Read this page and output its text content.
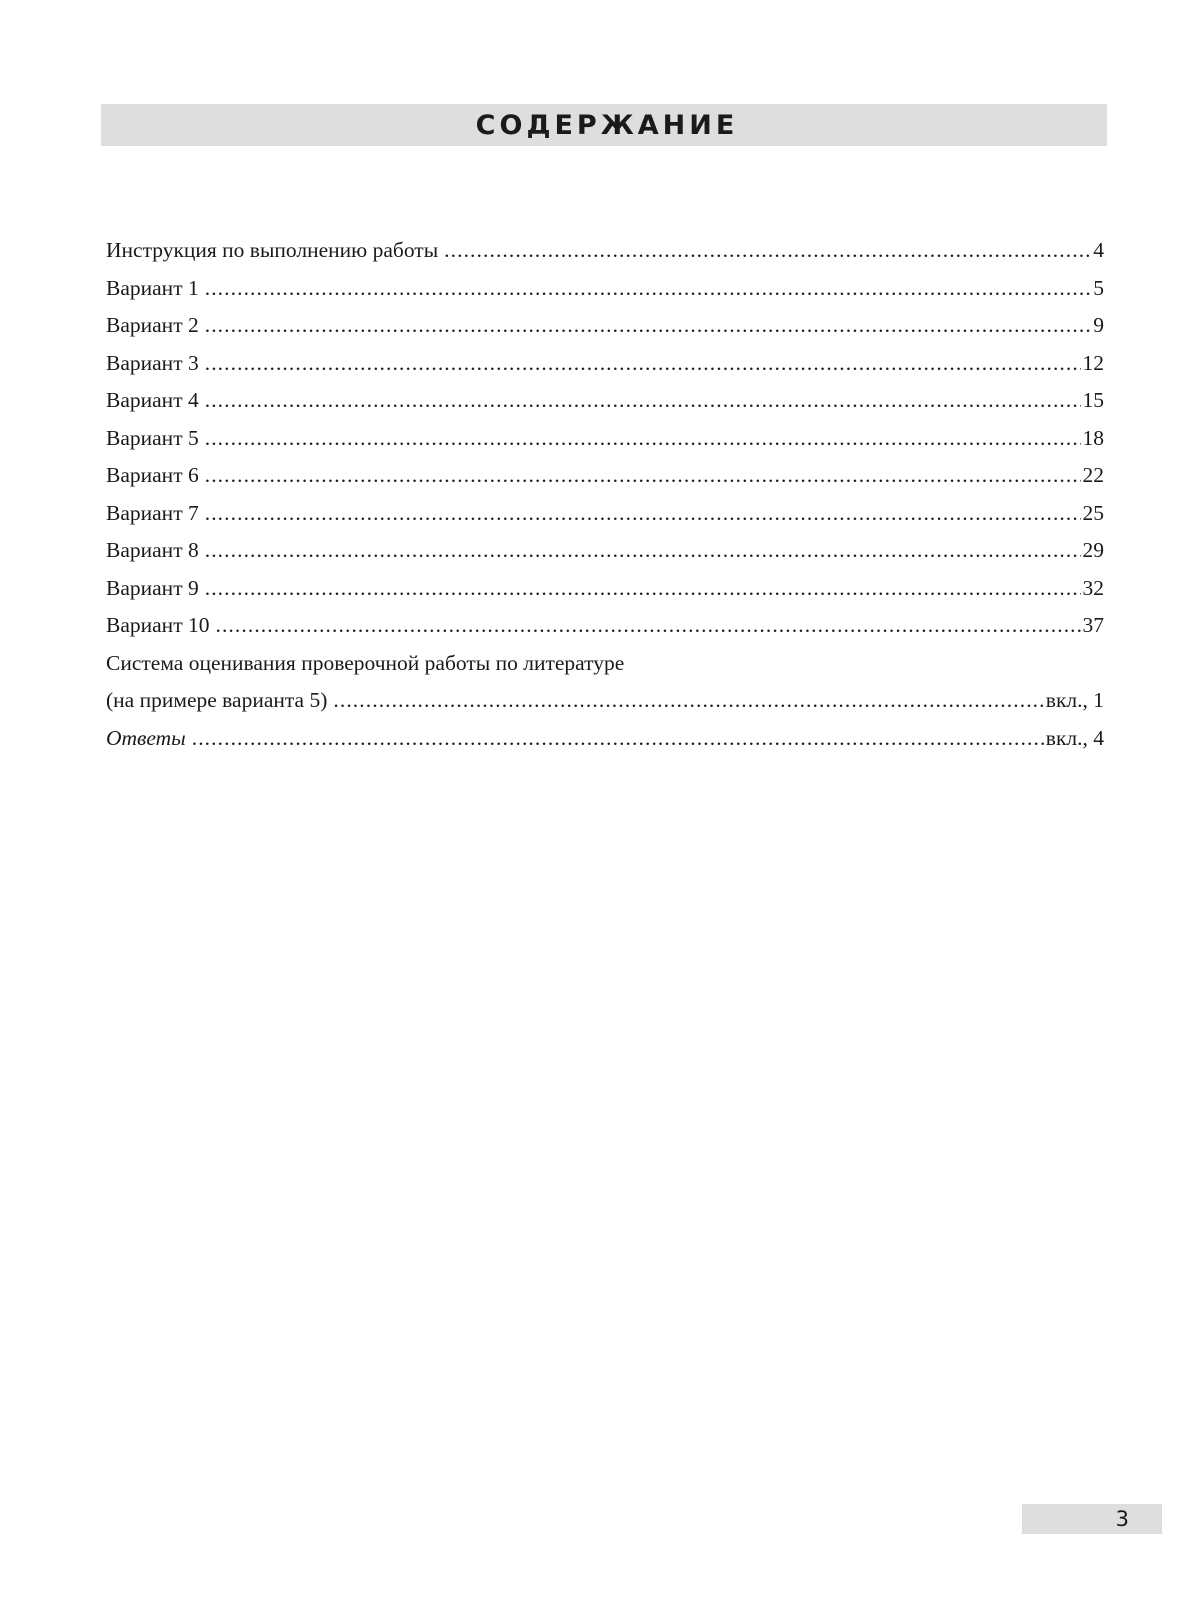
СОДЕРЖАНИЕ
Инструкция по выполнению работы .....	4
Вариант 1 .....	5
Вариант 2 .....	9
Вариант 3 .....	12
Вариант 4 .....	15
Вариант 5 .....	18
Вариант 6 .....	22
Вариант 7 .....	25
Вариант 8 .....	29
Вариант 9 .....	32
Вариант 10 .....	37
Система оценивания проверочной работы по литературе
(на примере варианта 5) .....	вкл., 1
Ответы .....	вкл., 4
3
